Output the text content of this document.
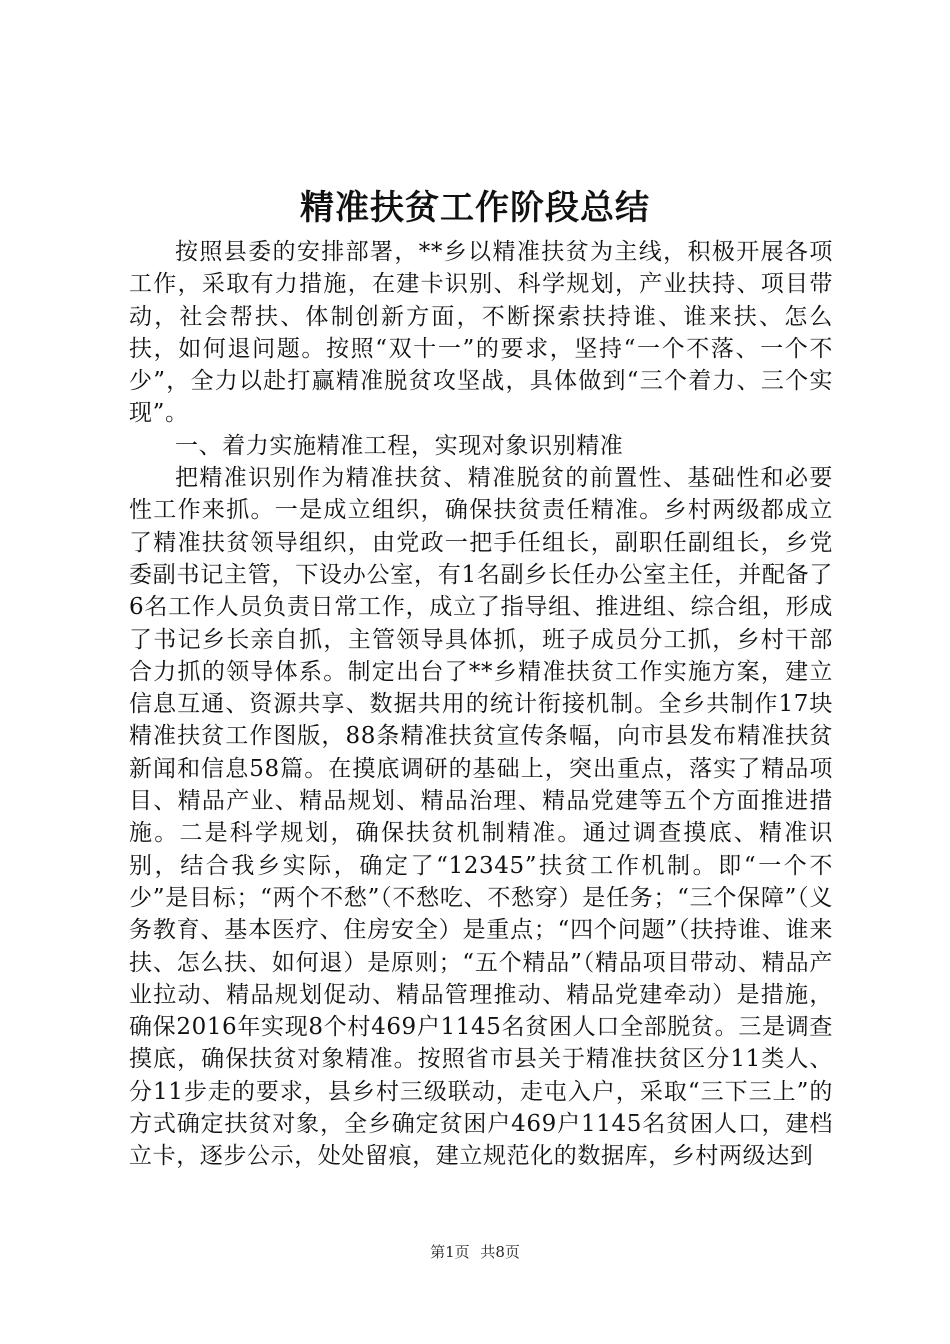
精准扶贫工作阶段总结

按照县委的安排部署，**乡以精准扶贫为主线，积极开展各项工作，采取有力措施，在建卡识别、科学规划，产业扶持、项目带动，社会帮扶、体制创新方面，不断探索扶持谁、谁来扶、怎么扶，如何退问题。按照“双十一”的要求，坚持“一个不落、一个不少”，全力以赴打赢精准脱贫攻坚战，具体做到“三个着力、三个实现”。

一、着力实施精准工程，实现对象识别精准

把精准识别作为精准扶贫、精准脱贫的前置性、基础性和必要性工作来抓。一是成立组织，确保扶贫责任精准。乡村两级都成立了精准扶贫领导组织，由党政一把手任组长，副职任副组长，乡党委副书记主管，下设办公室，有1名副乡长任办公室主任，并配备了6名工作人员负责日常工作，成立了指导组、推进组、综合组，形成了书记乡长亲自抓，主管领导具体抓，班子成员分工抓，乡村干部合力抓的领导体系。制定出台了**乡精准扶贫工作实施方案，建立信息互通、资源共享、数据共用的统计衔接机制。全乡共制作17块精准扶贫工作图版，88条精准扶贫宣传条幅，向市县发布精准扶贫新闻和信息58篇。在摸底调研的基础上，突出重点，落实了精品项目、精品产业、精品规划、精品治理、精品党建等五个方面推进措施。二是科学规划，确保扶贫机制精准。通过调查摸底、精准识别，结合我乡实际，确定了“12345”扶贫工作机制。即“一个不少”是目标；“两个不愁”（不愁吃、不愁穿）是任务；“三个保障”（义务教育、基本医疗、住房安全）是重点；“四个问题”（扶持谁、谁来扶、怎么扶、如何退）是原则；“五个精品”（精品项目带动、精品产业拉动、精品规划促动、精品管理推动、精品党建牵动）是措施，确保2016年实现8个村469户1145名贫困人口全部脱贫。三是调查摸底，确保扶贫对象精准。按照省市县关于精准扶贫区分11类人、分11步走的要求，县乡村三级联动，走屯入户，采取“三下三上”的方式确定扶贫对象，全乡确定贫困户469户1145名贫困人口，建档立卡，逐步公示，处处留痕，建立规范化的数据库，乡村两级达到

第1页 共8页
